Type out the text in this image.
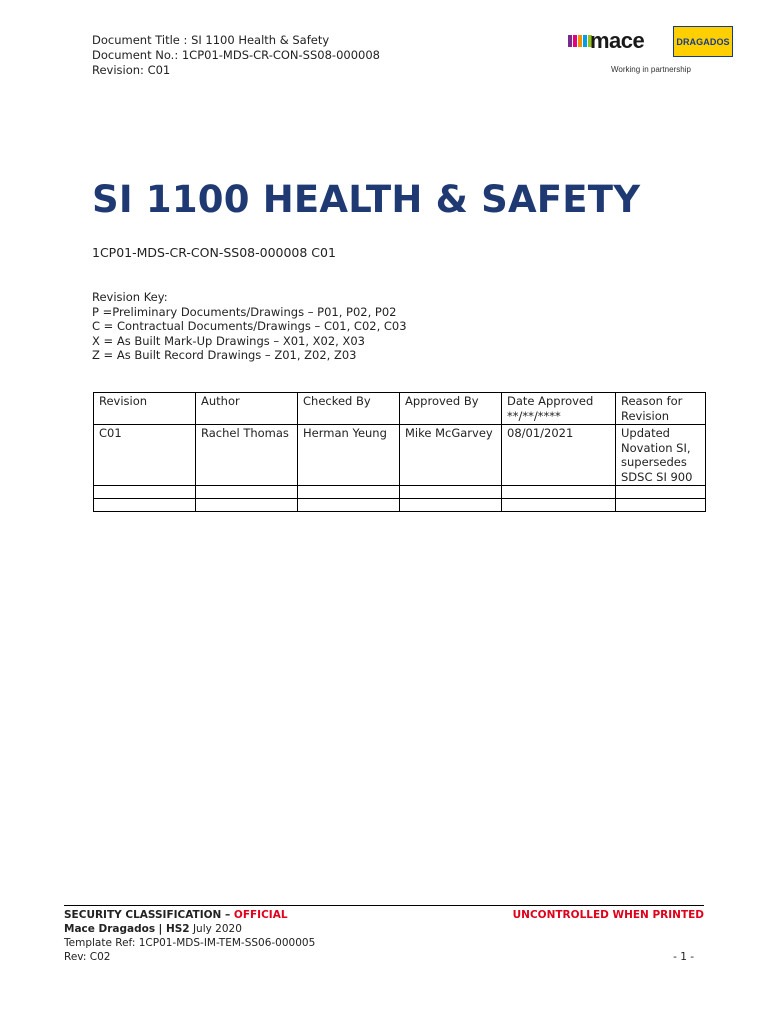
Document Title : SI 1100 Health & Safety
Document No.: 1CP01-MDS-CR-CON-SS08-000008
Revision: C01
mace	DRAGADOS
Working in partnership
SI 1100 HEALTH & SAFETY
1CP01-MDS-CR-CON-SS08-000008 C01
Revision Key:
P =Preliminary Documents/Drawings – P01, P02, P02
C = Contractual Documents/Drawings – C01, C02, C03
X = As Built Mark-Up Drawings – X01, X02, X03
Z = As Built Record Drawings – Z01, Z02, Z03
Revision	Author	Checked By	Approved By	Date Approved **/**/****	Reason for Revision
C01	Rachel Thomas	Herman Yeung	Mike McGarvey	08/01/2021	Updated Novation SI, supersedes SDSC SI 900

SECURITY CLASSIFICATION – OFFICIAL	UNCONTROLLED WHEN PRINTED
Mace Dragados | HS2 July 2020
Template Ref: 1CP01-MDS-IM-TEM-SS06-000005
Rev: C02	- 1 -
